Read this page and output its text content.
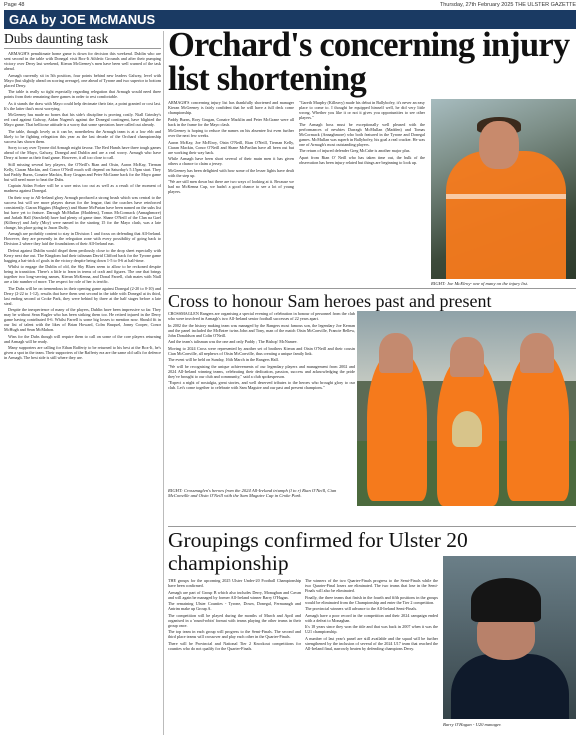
Page 48	Thursday, 27th February 2025 THE ULSTER GAZETTE
GAA by JOE McMANUS
Dubs daunting task

ARMAGH'S penultimate home game is down for decision this weekend. Dublin who are sent second in the table with Donegal visit Box-It Athletic Grounds and after their pumping victory over Derry last weekend, Kieran McGeeney's men have been well warned of the task ahead.

Armagh currently sit in 5th position, four points behind new leaders Galway, level with Mayo (but slightly ahead on scoring average), one ahead of Tyrone and two superior to bottom placed Derry.

The table is really so tight especially regarding relegation that Armagh would need three points from their remaining three games in order to rest comfortable.

As it stands the draw with Mayo could help decimate their fate, a point granted or cost last. It's the latter that's most worrying.

McGeeney has made no bones that his side's discipline is proving costly. Niall Grimley's red card against Galway, Aidan Nugent's against the Donegal contingent, have blighted the Mayo game. That bellicose attitude is a worry that some spectators have called out already.

The table, though lovely as it can be, nonetheless the Armagh team is at a low ebb and likely to be fighting relegation this year as the last decade of the Orchard championship success has shown them.

Sorry to say over Tyrone did Armagh might favour. The Red Hands have three tough games ahead of the Mayo, Galway, Donegal and Dublin and are a real worry. Armagh who have Derry at home as their final game. However, it all too close to call.

Still missing several key players, the O'Neill's Rian and Oisin, Aaron McKay, Tiernan Kelly, Ciaran Mackin, and Conor O'Neill much will depend on Saturday's 5.15pm start. They had Paddy Burns, Conaire Mackin, Rory Grugan and Peter McGrane back for the Mayo game but will need more to beat the Dubs.

Captain Aidan Forker will be a sore miss too out as well as a result of the moment of madness against Donegal.

On their way to All-Ireland glory Armagh produced a strong brush which was central to the success but will see more players drawn for the league, that the coaches have reinforced consistently. Ciaran Higgins (Maghery) and Shane McPartan have been named on the subs list but have yet to feature. Darragh McMullan (Maddens), Tomas McCormack (Annaghmore) and Jarlath Hall (Sarsfield) have had plenty of game time. Shane O'Neill of the Clan na Gael (Killeavy) and Jarly (Moy) were named in the starting 15 for the Mayo clash, was a late change, his place going to Jason Duffy.

Armagh are probably content to stay in Division 1 and focus on defending that All-Ireland. However, they are presently in the relegation zone with every possibility of going back to Division 2 where they laid the foundations of their All-Ireland run.

Defeat against Dublin would dispel them perilously close to the drop sheet especially with Kerry next due out. The Kingdom had their talisman David Clifford back for the Tyrone game bagging a hat-trick of goals in the victory despite being down 1-5 to 0-6 at half-time.

Whilst to engage the Dublin of old, the Sky Blues seem to allow to be reckoned despite being in transition. There's a little to learn in terms of craft and figures. The one that brings together two long-serving names, Kieran McKenna, and Donal Farrell, club mates with Niall are a fair number of more. The respect for role of her is terrific.

The Dubs will be on tremendous in their opening game against Donegal (2-20 to 0-10) and Derry (2-22 to 1-12), results that have them sent second in the table with Donegal at its third, last ending second at Croke Park, they were behind by three at the half stages before a late steal.

Despite the inexperience of many of the players, Dublin have been impressive so far. They may be without Sean Bugler who has been striking them too. He retired injured in the Derry game having contributed 0-6. Whilst Farrell is some big losses to mention now. Should fit in our list of talent with the likes of Brian Howard, Colm Basquel, Jonny Cooper, Conor McHugh and Sean McMahon.

Wins for the Dubs though will require them to call on some of the core players returning and Armagh will be ready.

Many supporters are calling for Ethan Rafferty to be returned to his best at the Box-It, he's given a spot in the team. Their supporters of the Rafferty era are the same old calls for defence in Armagh. The best side is still where they are.

Orchard's concerning injury list shortening

ARMAGH'S concerning injury list has thankfully shortened and manager Kieran McGeeney is fairly confident that he will have a full deck come championship.

Paddy Burns, Rory Grugan, Conaire Macklin and Peter McGrane were all back in the frame for the Mayo clash.

McGeeney is hoping to reduce the names on his absentee list even further over the next few weeks.

Aaron McKay, Joe McElroy, Oisin O'Neill, Rian O'Neill, Tiernan Kelly, Ciaran Mackin, Conor O'Neill and Shane McPartlan have all been out but are working their way back.

While Armagh have been short several of their main men it has given others a chance to claim a jersey.

McGeeney has been delighted with how some of the lesser lights have dealt with the step up.

"We are still men down but there are two ways of looking at it. Because we had no McKenna Cup, we hadn't a good chance to see a lot of young players.

"Gareth Murphy (Killeavy) made his debut in Ballybofey, it's never an easy place to come to. I thought he equipped himself well, he did very little wrong. Whether you like it or not it gives you opportunities to see other players."

The Armagh boss must be exceptionally well pleased with the performances of newbies Darragh McMullan (Madden) and Tomas McCormack (Annaghmore) who both featured in the Tyrone and Donegal games. McMullan was superb in Ballybofey, his goal a real cracker. He was one of Armagh's most outstanding players.

The return of injured defender Greg McCabe is another major plus.

Apart from Rian O' Neill who has taken time out, the bulk of the observation has been injury related but things are beginning to look up.

RIGHT: Joe McElroy- one of many on the injury list.
Cross to honour Sam heroes past and present

CROSSMAGLEN Rangers are organising a special evening of celebration in honour of personnel from the club who were involved in Armagh's two All-Ireland senior football successes of 22 years apart.

In 2002 the the history making team was managed by the Rangers most famous son, the legendary Joe Kernan and the panel included the McEntee twins John and Tony, man of the match Oisin McConville, Francie Bellew, John Donaldson and Colin O'Neill.

And the team's talisman was the one and only Paddy ; The Bishop' McNamee.

Moving to 2024 Cross were represented by another set of brothers Kieran and Oisin O'Neill and their cousin Cian McConville, all nephews of Oisin McConville, thus creating a unique family link.

The event will be held on Sunday, 16th March in the Rangers Hall.

"We will be recognising the unique achievements of our legendary players and management from 2002 and 2024 All-Ireland winning teams, celebrating their dedication, passion, success and acknowledging the pride they've brought to our club and community," said a club spokesperson.

"Expect a night of nostalgia, great stories, and well deserved tributes to the heroes who brought glory to our club. Let's come together to celebrate with Sam Maguire and our past and present champions."

RIGHT: Crossmaglen's heroes from the 2024 All-Ireland triumph (l to r) Rian O'Neill, Cian McConville and Oisin O'Neill with the Sam Maguire Cup in Croke Park.
Groupings confirmed for Ulster 20 championship

THE groups for the upcoming 2025 Ulster Under-20 Football Championship have been confirmed.

Armagh are part of Group B which also includes Derry, Monaghan and Cavan and will again be managed by former All-Ireland winner Barry O'Hagan.

The remaining Ulster Counties - Tyrone, Down, Donegal, Fermanagh and Antrim make up Group A.

The competition will be played during the months of March and April and organised in a 'round-robin' format with teams playing the other teams in their group once.

The top team in each group will progress to the Semi-Finals. The second and third place teams will crossover and play each other in the Quarter-Finals.

There will be Provincial and National Tier 2 Knockout competitions for counties who do not qualify for the Quarter-Finals.

The winners of the two Quarter-Finals progress to the Semi-Finals while the two Quarter-Final losers are eliminated. The two teams that lose in the Semi-Finals will also be eliminated.

Finally, the three teams that finish in the fourth and fifth positions in the groups would be eliminated from the Championship and enter the Tier 2 competition.

The provincial winners will advance to the All-Ireland Semi-Finals.

Armagh have a poor record in the competition and their 2024 campaign ended with a defeat to Monaghan.

It's 18 years since they won the title and that was back in 2007 when it was the U21 championship.

A number of last year's panel are still available and the squad will be further strengthened by the inclusion of several of the 2024 U17 team that reached the All-Ireland final, narrowly beaten by defending champions Derry.

Barry O'Hagan - U20 manager.
